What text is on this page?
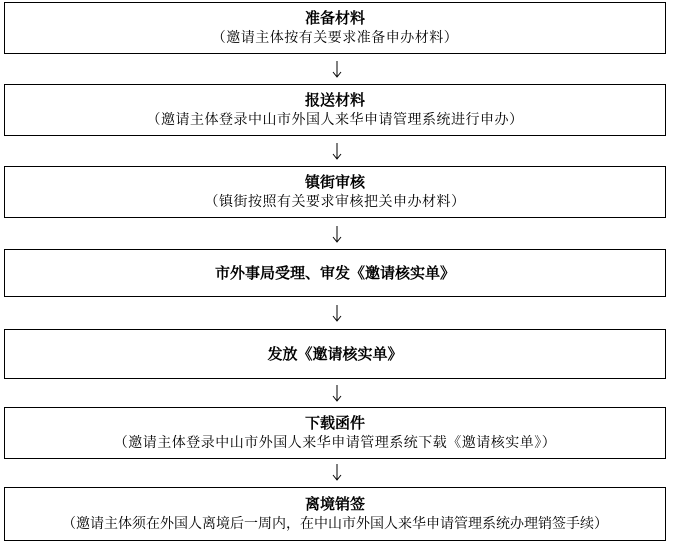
准备材料
（邀请主体按有关要求准备申办材料）
报送材料
（邀请主体登录中山市外国人来华申请管理系统进行申办）
镇街审核
（镇街按照有关要求审核把关申办材料）
市外事局受理、审发《邀请核实单》
发放《邀请核实单》
下载函件
（邀请主体登录中山市外国人来华申请管理系统下载《邀请核实单》）
离境销签
（邀请主体须在外国人离境后一周内，在中山市外国人来华申请管理系统办理销签手续）
